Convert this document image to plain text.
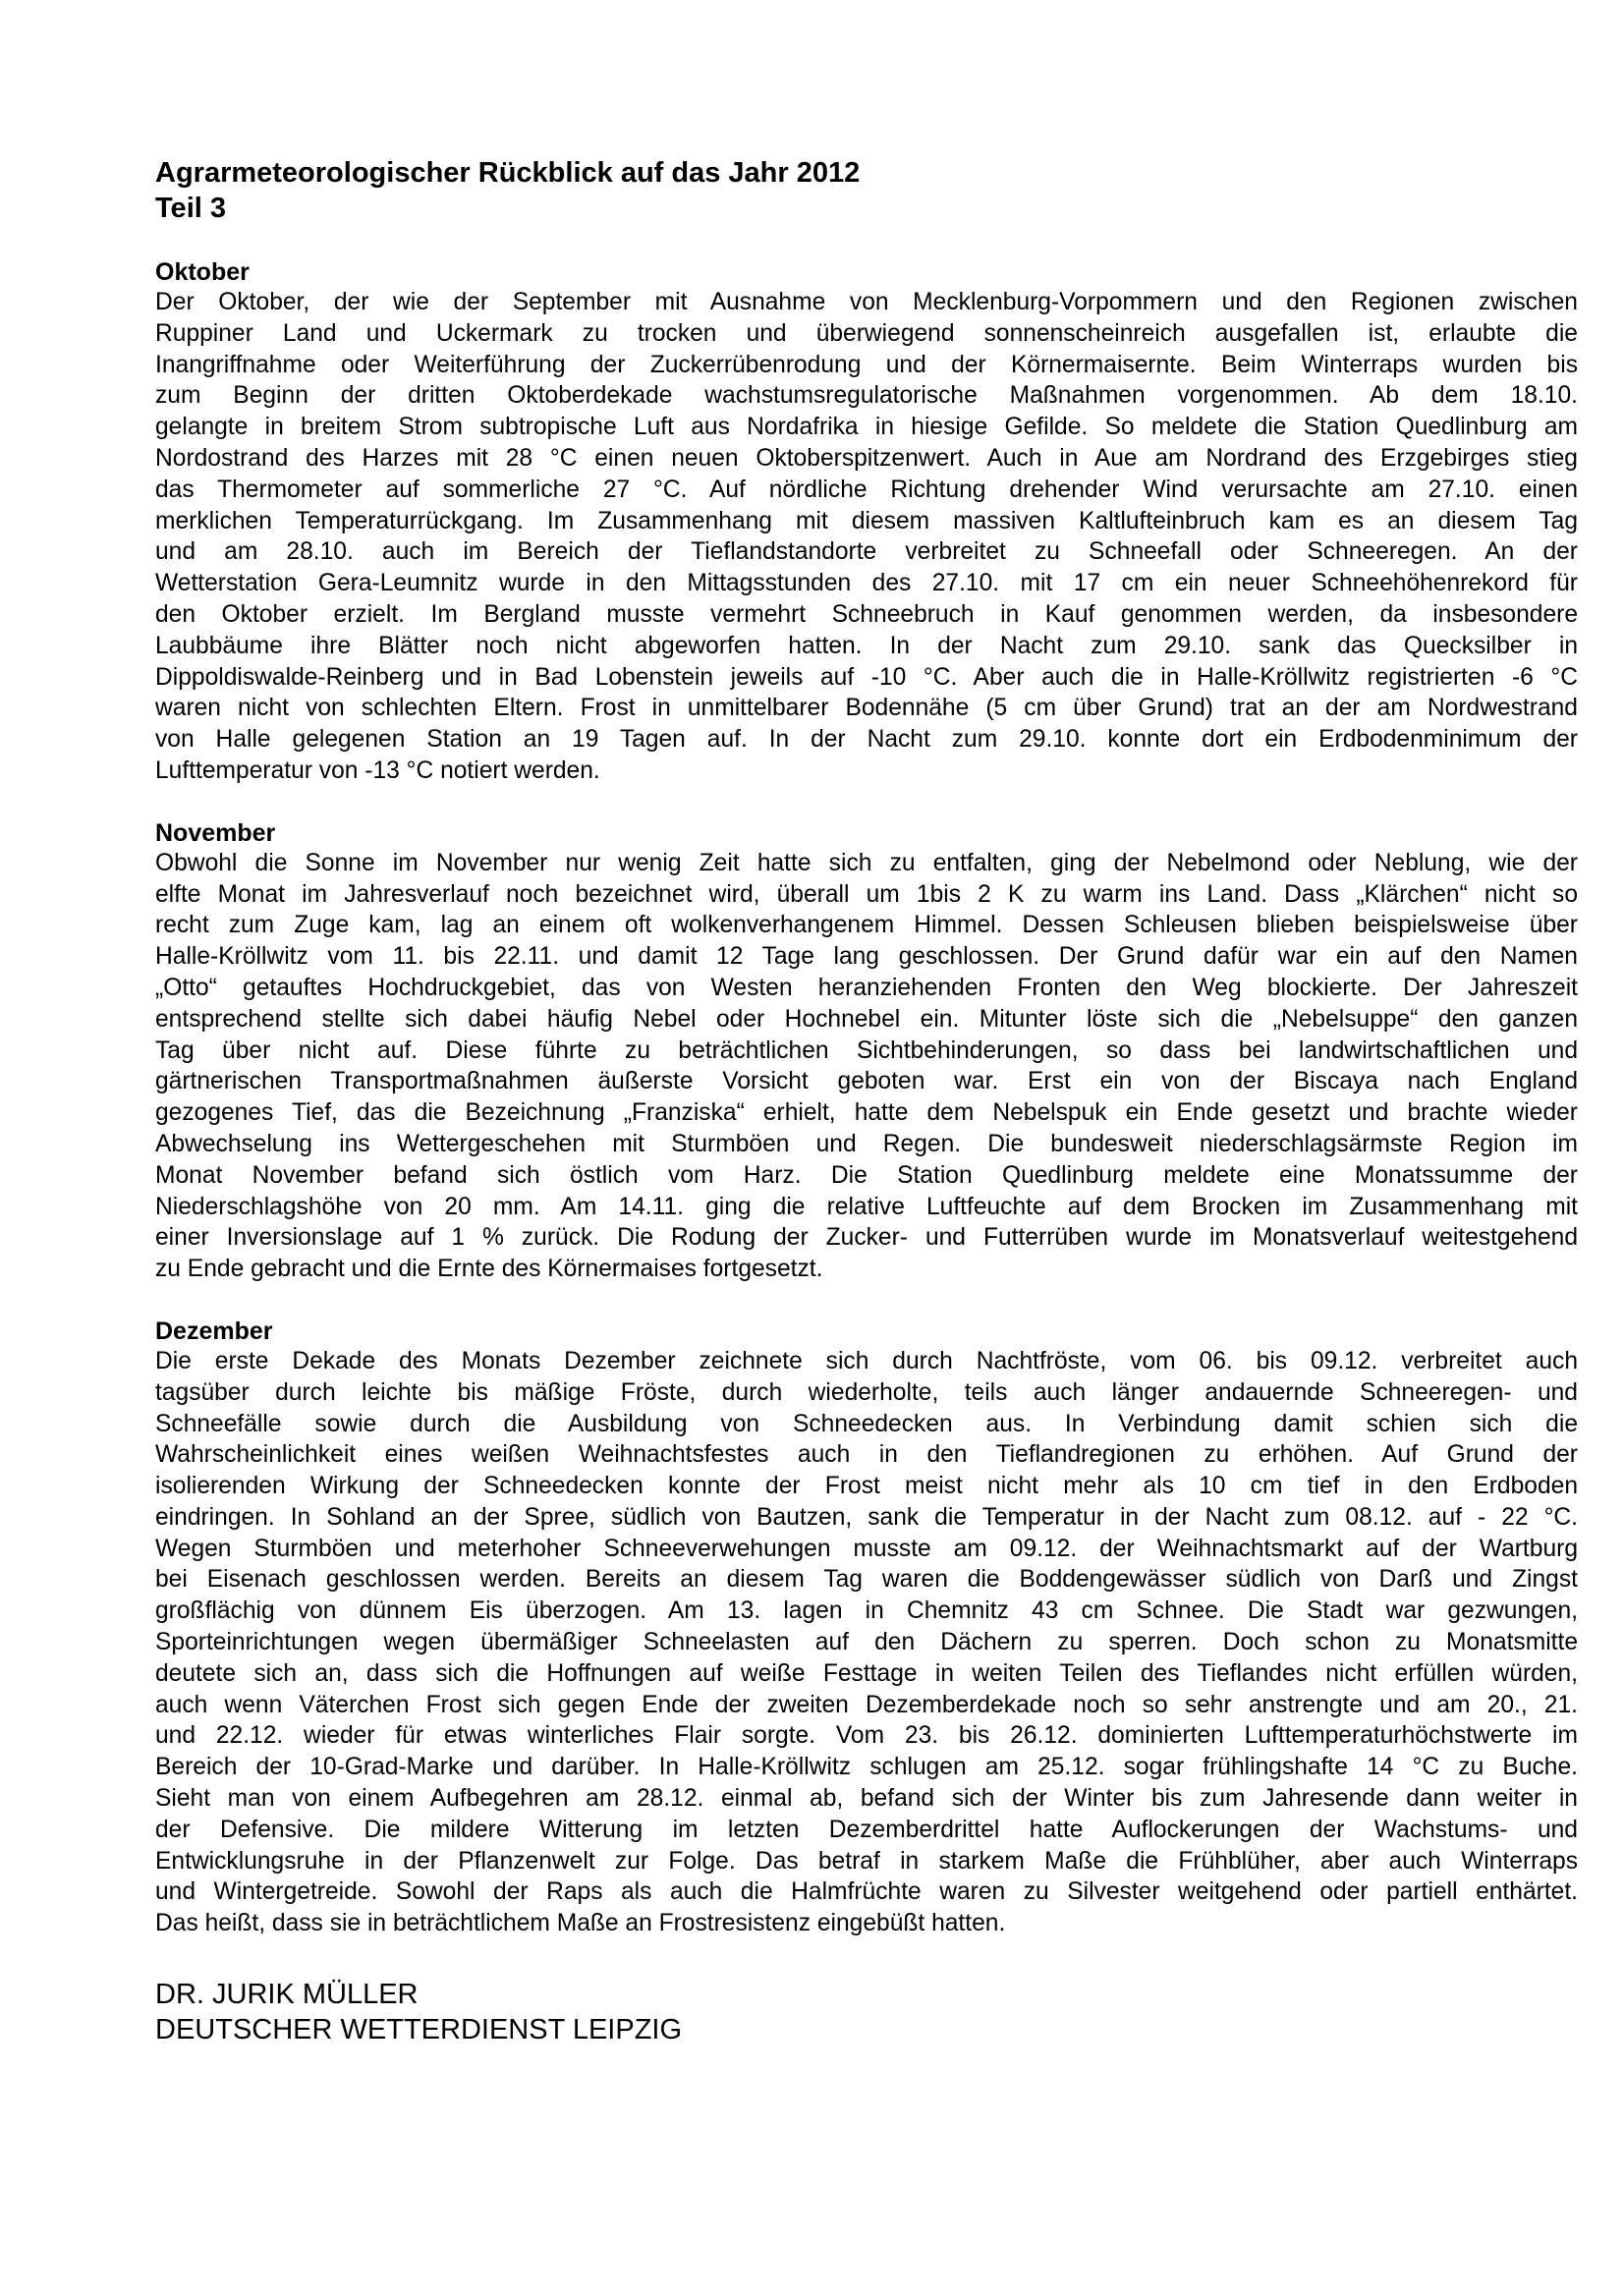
Agrarmeteorologischer Rückblick auf das Jahr 2012

Teil 3

Oktober

Der Oktober, der wie der September mit Ausnahme von Mecklenburg-Vorpommern und den Regionen zwischen
Ruppiner Land und Uckermark zu trocken und überwiegend sonnenscheinreich ausgefallen ist, erlaubte die
Inangriffnahme oder Weiterführung der Zuckerrübenrodung und der Körnermaisernte. Beim Winterraps wurden bis
zum Beginn der dritten Oktoberdekade wachstumsregulatorische Maßnahmen vorgenommen. Ab dem 18.10.
gelangte in breitem Strom subtropische Luft aus Nordafrika in hiesige Gefilde. So meldete die Station Quedlinburg am
Nordostrand des Harzes mit 28 °C einen neuen Oktoberspitzenwert. Auch in Aue am Nordrand des Erzgebirges stieg
das Thermometer auf sommerliche 27 °C. Auf nördliche Richtung drehender Wind verursachte am 27.10. einen
merklichen Temperaturrückgang. Im Zusammenhang mit diesem massiven Kaltlufteinbruch kam es an diesem Tag
und am 28.10. auch im Bereich der Tieflandstandorte verbreitet zu Schneefall oder Schneeregen. An der
Wetterstation Gera-Leumnitz wurde in den Mittagsstunden des 27.10. mit 17 cm ein neuer Schneehöhenrekord für
den Oktober erzielt. Im Bergland musste vermehrt Schneebruch in Kauf genommen werden, da insbesondere
Laubbäume ihre Blätter noch nicht abgeworfen hatten. In der Nacht zum 29.10. sank das Quecksilber in
Dippoldiswalde-Reinberg und in Bad Lobenstein jeweils auf -10 °C. Aber auch die in Halle-Kröllwitz registrierten -6 °C
waren nicht von schlechten Eltern. Frost in unmittelbarer Bodennähe (5 cm über Grund) trat an der am Nordwestrand
von Halle gelegenen Station an 19 Tagen auf. In der Nacht zum 29.10. konnte dort ein Erdbodenminimum der
Lufttemperatur von -13 °C notiert werden.

November

Obwohl die Sonne im November nur wenig Zeit hatte sich zu entfalten, ging der Nebelmond oder Neblung, wie der
elfte Monat im Jahresverlauf noch bezeichnet wird, überall um 1bis 2 K zu warm ins Land. Dass „Klärchen“ nicht so
recht zum Zuge kam, lag an einem oft wolkenverhangenem Himmel. Dessen Schleusen blieben beispielsweise über
Halle-Kröllwitz vom 11. bis 22.11. und damit 12 Tage lang geschlossen. Der Grund dafür war ein auf den Namen
„Otto“ getauftes Hochdruckgebiet, das von Westen heranziehenden Fronten den Weg blockierte. Der Jahreszeit
entsprechend stellte sich dabei häufig Nebel oder Hochnebel ein. Mitunter löste sich die „Nebelsuppe“ den ganzen
Tag über nicht auf. Diese führte zu beträchtlichen Sichtbehinderungen, so dass bei landwirtschaftlichen und
gärtnerischen Transportmaßnahmen äußerste Vorsicht geboten war. Erst ein von der Biscaya nach England
gezogenes Tief, das die Bezeichnung „Franziska“ erhielt, hatte dem Nebelspuk ein Ende gesetzt und brachte wieder
Abwechselung ins Wettergeschehen mit Sturmböen und Regen. Die bundesweit niederschlagsärmste Region im
Monat November befand sich östlich vom Harz. Die Station Quedlinburg meldete eine Monatssumme der
Niederschlagshöhe von 20 mm. Am 14.11. ging die relative Luftfeuchte auf dem Brocken im Zusammenhang mit
einer Inversionslage auf 1 % zurück. Die Rodung der Zucker- und Futterrüben wurde im Monatsverlauf weitestgehend
zu Ende gebracht und die Ernte des Körnermaises fortgesetzt.

Dezember

Die erste Dekade des Monats Dezember zeichnete sich durch Nachtfröste, vom 06. bis 09.12. verbreitet auch
tagsüber durch leichte bis mäßige Fröste, durch wiederholte, teils auch länger andauernde Schneeregen- und
Schneefälle sowie durch die Ausbildung von Schneedecken aus. In Verbindung damit schien sich die
Wahrscheinlichkeit eines weißen Weihnachtsfestes auch in den Tieflandregionen zu erhöhen. Auf Grund der
isolierenden Wirkung der Schneedecken konnte der Frost meist nicht mehr als 10 cm tief in den Erdboden
eindringen. In Sohland an der Spree, südlich von Bautzen, sank die Temperatur in der Nacht zum 08.12. auf - 22 °C.
Wegen Sturmböen und meterhoher Schneeverwehungen musste am 09.12. der Weihnachtsmarkt auf der Wartburg
bei Eisenach geschlossen werden. Bereits an diesem Tag waren die Boddengewässer südlich von Darß und Zingst
großflächig von dünnem Eis überzogen. Am 13. lagen in Chemnitz 43 cm Schnee. Die Stadt war gezwungen,
Sporteinrichtungen wegen übermäßiger Schneelasten auf den Dächern zu sperren. Doch schon zu Monatsmitte
deutete sich an, dass sich die Hoffnungen auf weiße Festtage in weiten Teilen des Tieflandes nicht erfüllen würden,
auch wenn Väterchen Frost sich gegen Ende der zweiten Dezemberdekade noch so sehr anstrengte und am 20., 21.
und 22.12. wieder für etwas winterliches Flair sorgte. Vom 23. bis 26.12. dominierten Lufttemperaturhöchstwerte im
Bereich der 10-Grad-Marke und darüber. In Halle-Kröllwitz schlugen am 25.12. sogar frühlingshafte 14 °C zu Buche.
Sieht man von einem Aufbegehren am 28.12. einmal ab, befand sich der Winter bis zum Jahresende dann weiter in
der Defensive. Die mildere Witterung im letzten Dezemberdrittel hatte Auflockerungen der Wachstums- und
Entwicklungsruhe in der Pflanzenwelt zur Folge. Das betraf in starkem Maße die Frühblüher, aber auch Winterraps
und Wintergetreide. Sowohl der Raps als auch die Halmfrüchte waren zu Silvester weitgehend oder partiell enthärtet.
Das heißt, dass sie in beträchtlichem Maße an Frostresistenz eingebüßt hatten.
DR. JURIK MÜLLER
DEUTSCHER WETTERDIENST LEIPZIG
